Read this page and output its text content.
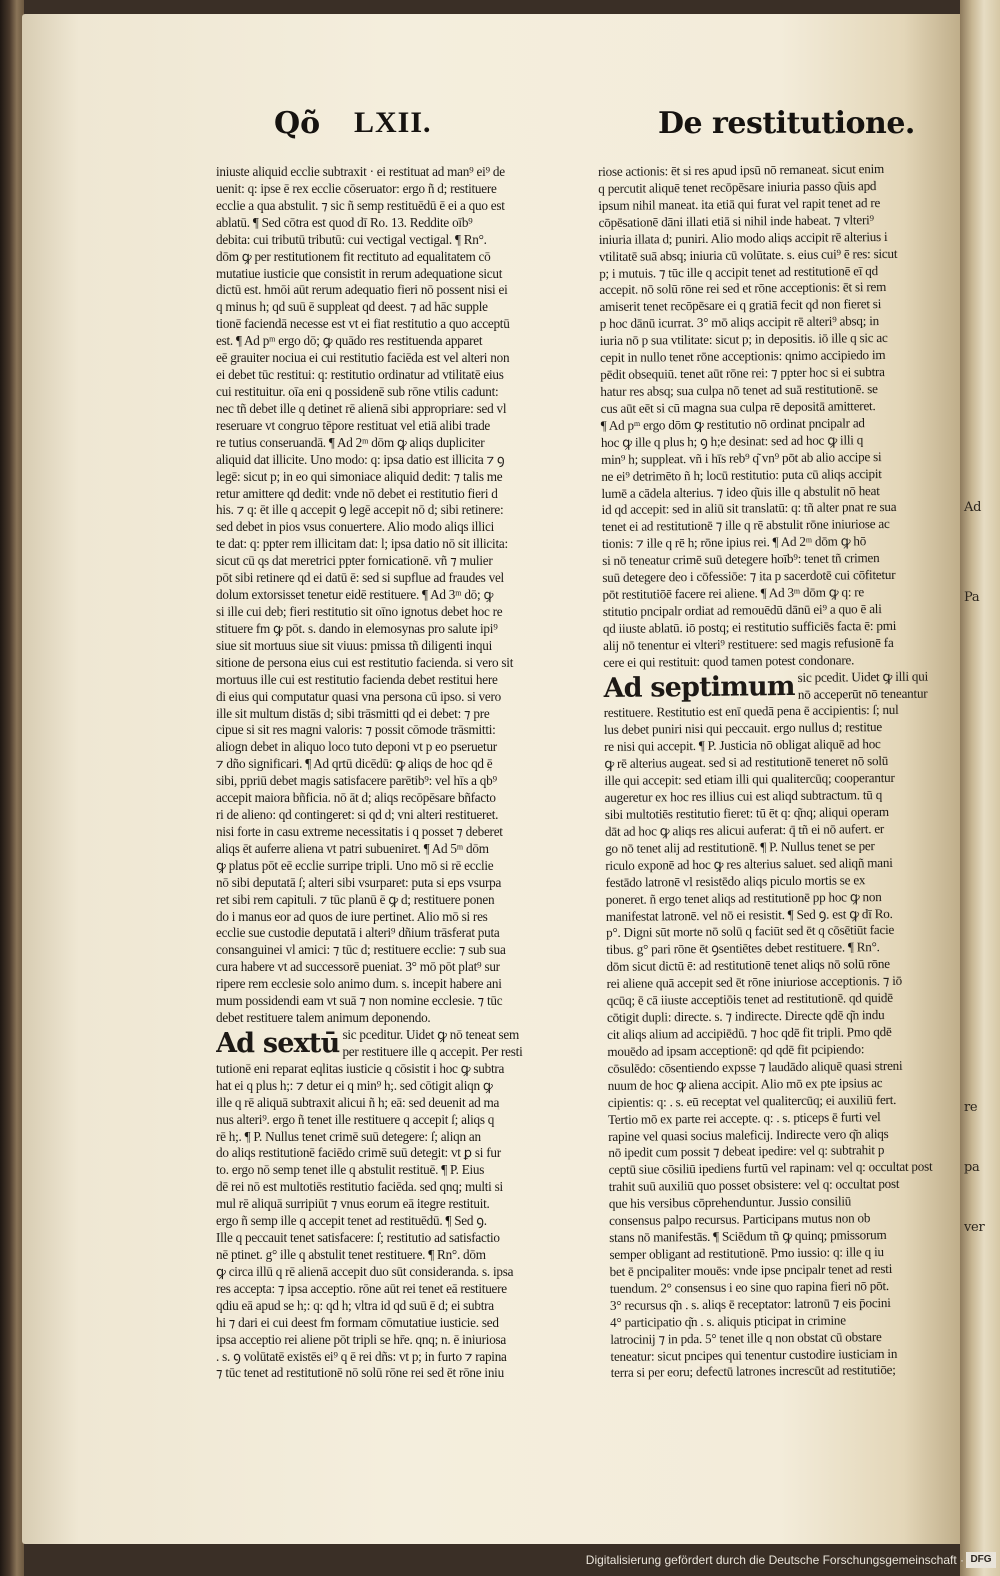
Qõ LXII.	De restitutione.
iniuste aliquid ecclie subtraxit · ei restituat ad man⁹ ei⁹ de
uenit: q: ipse ē rex ecclie cōseruator: ergo ñ d; restituere
ecclie a qua abstulit. ⁊ sic ñ semp restituēdū ē ei a quo est
ablatū. ¶ Sed cōtra est quod dī Ro. 13. Reddite oīb⁹
debita: cui tributū tributū: cui vectigal vectigal. ¶ Rn°.
dōm ꝙ per restitutionem fit rectituto ad equalitatem cō
mutatiue iusticie que consistit in rerum adequatione sicut
dictū est. hmōi aūt rerum adequatio fieri nō possent nisi ei
q minus h; qd suū ē suppleat qd deest. ⁊ ad hāc supple
tionē faciendā necesse est vt ei fiat restitutio a quo acceptū
est. ¶ Ad pᵐ ergo dō; ꝙ quādo res restituenda apparet
eē grauiter nociua ei cui restitutio faciēda est vel alteri non
ei debet tūc restitui: q: restitutio ordinatur ad vtilitatē eius
cui restituitur. oīa eni q possidenē sub rōne vtilis cadunt:
nec tñ debet ille q detinet rē alienā sibi appropriare: sed vl
reseruare vt congruo tēpore restituat vel etiā alibi trade
re tutius conseruandā. ¶ Ad 2ᵐ dōm ꝙ aliqs dupliciter
aliquid dat illicite. Uno modo: q: ipsa datio est illicita ⁊ ꝯ
legē: sicut p; in eo qui simoniace aliquid dedit: ⁊ talis me
retur amittere qd dedit: vnde nō debet ei restitutio fieri d
his. ⁊ q: ēt ille q accepit ꝯ legē accepit nō d; sibi retinere:
sed debet in pios vsus conuertere. Alio modo aliqs illici
te dat: q: ppter rem illicitam dat: l; ipsa datio nō sit illicita:
sicut cū qs dat meretrici ppter fornicationē. vñ ⁊ mulier
pōt sibi retinere qd ei datū ē: sed si supflue ad fraudes vel
dolum extorsisset tenetur eidē restituere. ¶ Ad 3ᵐ dō; ꝙ
si ille cui deb; fieri restitutio sit oīno ignotus debet hoc re
stituere fm ꝙ pōt. s. dando in elemosynas pro salute ipi⁹
siue sit mortuus siue sit viuus: pmissa tñ diligenti inqui
sitione de persona eius cui est restitutio facienda. si vero sit
mortuus ille cui est restitutio facienda debet restitui here
di eius qui computatur quasi vna persona cū ipso. si vero
ille sit multum distās d; sibi trāsmitti qd ei debet: ⁊ pre
cipue si sit res magni valoris: ⁊ possit cōmode trāsmitti:
aliogn debet in aliquo loco tuto deponi vt p eo pseruetur
⁊ dño significari. ¶ Ad qrtū dicēdū: ꝙ aliqs de hoc qd ē
sibi, ppriū debet magis satisfacere parētib⁹: vel hīs a qb⁹
accepit maiora bñficia. nō āt d; aliqs recōpēsare bñfacto
ri de alieno: qd contingeret: si qd d; vni alteri restitueret.
nisi forte in casu extreme necessitatis i q posset ⁊ deberet
aliqs ēt auferre aliena vt patri subueniret. ¶ Ad 5ᵐ dōm
ꝙ platus pōt eē ecclie surripe tripli. Uno mō si rē ecclie
nō sibi deputatā ſ; alteri sibi vsurparet: puta si eps vsurpa
ret sibi rem capituli. ⁊ tūc planū ē ꝙ d; restituere ponen
do i manus eor ad quos de iure pertinet. Alio mō si res
ecclie sue custodie deputatā i alteri⁹ dñium trāsferat puta
consanguinei vl amici: ⁊ tūc d; restituere ecclie: ⁊ sub sua
cura habere vt ad successorē pueniat. 3° mō pōt plat⁹ sur
ripere rem ecclesie solo animo dum. s. incepit habere ani
mum possidendi eam vt suā ⁊ non nomine ecclesie. ⁊ tūc
debet restituere talem animum deponendo.
Ad sextū sic pceditur. Uidet ꝙ nō teneat sem
per restituere ille q accepit. Per resti
tutionē eni reparat eqlitas iusticie q cōsistit i hoc ꝙ subtra
hat ei q plus h;: ⁊ detur ei q min⁹ h;. sed cōtigit aliqn ꝙ
ille q rē aliquā subtraxit alicui ñ h; eā: sed deuenit ad ma
nus alteri⁹. ergo ñ tenet ille restituere q accepit ſ; aliqs q
rē h;. ¶ P. Nullus tenet crimē suū detegere: ſ; aliqn an
do aliqs restitutionē faciēdo crimē suū detegit: vt ꝑ si fur
to. ergo nō semp tenet ille q abstulit restituē. ¶ P. Eius
dē rei nō est multotiēs restitutio faciēda. sed qnq; multi si
mul rē aliquā surripiūt ⁊ vnus eorum eā itegre restituit.
ergo ñ semp ille q accepit tenet ad restituēdū. ¶ Sed ꝯ.
Ille q peccauit tenet satisfacere: ſ; restitutio ad satisfactio
nē ptinet. g° ille q abstulit tenet restituere. ¶ Rn°. dōm
ꝙ circa illū q rē alienā accepit duo sūt consideranda. s. ipsa
res accepta: ⁊ ipsa acceptio. rōne aūt rei tenet eā restituere
qdiu eā apud se h;: q: qd h; vltra id qd suū ē d; ei subtra
hi ⁊ dari ei cui deest fm formam cōmutatiue iusticie. sed
ipsa acceptio rei aliene pōt tripli se hr̄e. qnq; n. ē iniuriosa
. s. ꝯ volūtatē existēs ei⁹ q ē rei dñs: vt p; in furto ⁊ rapina
⁊ tūc tenet ad restitutionē nō solū rōne rei sed ēt rōne iniu
riose actionis: ēt si res apud ipsū nō remaneat. sicut enim
q percutit aliquē tenet recōpēsare iniuria passo q͂uis apd
ipsum nihil maneat. ita etiā qui furat vel rapit tenet ad re
cōpēsationē dāni illati etiā si nihil inde habeat. ⁊ vlteri⁹
iniuria illata d; puniri. Alio modo aliqs accipit rē alterius i
vtilitatē suā absq; iniuria cū volūtate. s. eius cui⁹ ē res: sicut
p; i mutuis. ⁊ tūc ille q accipit tenet ad restitutionē eī qd
accepit. nō solū rōne rei sed et rōne acceptionis: ēt si rem
amiserit tenet recōpēsare ei q gratiā fecit qd non fieret si
p hoc dānū icurrat. 3° mō aliqs accipit rē alteri⁹ absq; in
iuria nō p sua vtilitate: sicut p; in depositis. iō ille q sic ac
cepit in nullo tenet rōne acceptionis: qnimo accipiedo im
pēdit obsequiū. tenet aūt rōne rei: ⁊ ppter hoc si ei subtra
hatur res absq; sua culpa nō tenet ad suā restitutionē. se
cus aūt eēt si cū magna sua culpa rē depositā amitteret.
¶ Ad pᵐ ergo dōm ꝙ restitutio nō ordinat pncipalr ad
hoc ꝙ ille q plus h; ꝯ h;e desinat: sed ad hoc ꝙ illi q
min⁹ h; suppleat. vñ i hīs reb⁹ q͂ vn⁹ pōt ab alio accipe si
ne ei⁹ detrimēto ñ h; locū restitutio: puta cū aliqs accipit
lumē a cādela alterius. ⁊ ideo q͂uis ille q abstulit nō heat
id qd accepit: sed in aliū sit translatū: q: tñ alter pnat re sua
tenet ei ad restitutionē ⁊ ille q rē abstulit rōne iniuriose ac
tionis: ⁊ ille q rē h; rōne ipius rei. ¶ Ad 2ᵐ dōm ꝙ hō
si nō teneatur crimē suū detegere hoīb⁹: tenet tñ crimen
suū detegere deo i cōfessiōe: ⁊ ita p sacerdotē cui cōfitetur
pōt restitutiōē facere rei aliene. ¶ Ad 3ᵐ dōm ꝙ q: re
stitutio pncipalr ordiat ad remouēdū dānū ei⁹ a quo ē ali
qd iiuste ablatū. iō postq; ei restitutio sufficiēs facta ē: pmi
alij nō tenentur ei vlteri⁹ restituere: sed magis refusionē fa
cere ei qui restituit: quod tamen potest condonare.
Ad septimum sic pcedit. Uidet ꝙ illi qui
nō acceperūt nō teneantur
restituere. Restitutio est enī quedā pena ē accipientis: ſ; nul
lus debet puniri nisi qui peccauit. ergo nullus d; restitue
re nisi qui accepit. ¶ P. Justicia nō obligat aliquē ad hoc
ꝙ rē alterius augeat. sed si ad restitutionē teneret nō solū
ille qui accepit: sed etiam illi qui qualitercūq; cooperantur
augeretur ex hoc res illius cui est aliqd subtractum. tū q
sibi multotiēs restitutio fieret: tū ēt q: q͂nq; aliqui operam
dāt ad hoc ꝙ aliqs res alicui auferat: q̄ tñ ei nō aufert. er
go nō tenet alij ad restitutionē. ¶ P. Nullus tenet se per
riculo exponē ad hoc ꝙ res alterius saluet. sed aliqñ mani
festādo latronē vl resistēdo aliqs piculo mortis se ex
poneret. ñ ergo tenet aliqs ad restitutionē pp hoc ꝙ non
manifestat latronē. vel nō ei resistit. ¶ Sed ꝯ. est ꝙ dī Ro.
p°. Digni sūt morte nō solū q faciūt sed ēt q cōsētiūt facie
tibus. g° pari rōne ēt ꝯsentiētes debet restituere. ¶ Rn°.
dōm sicut dictū ē: ad restitutionē tenet aliqs nō solū rōne
rei aliene quā accepit sed ēt rōne iniuriose acceptionis. ⁊ iō
qcūq; ē cā iiuste acceptiōis tenet ad restitutionē. qd quidē
cōtigit dupli: directe. s. ⁊ indirecte. Directe qdē q͂n indu
cit aliqs alium ad accipiēdū. ⁊ hoc qdē fit tripli. Pmo qdē
mouēdo ad ipsam acceptionē: qd qdē fit pcipiendo:
cōsulēdo: cōsentiendo expsse ⁊ laudādo aliquē quasi streni
nuum de hoc ꝙ aliena accipit. Alio mō ex pte ipsius ac
cipientis: q: . s. eū receptat vel qualitercūq; ei auxiliū fert.
Tertio mō ex parte rei accepte. q: . s. pticeps ē furti vel
rapine vel quasi socius maleficij. Indirecte vero q͂n aliqs
nō ipedit cum possit ⁊ debeat ipedire: vel q: subtrahit p
ceptū siue cōsiliū ipediens furtū vel rapinam: vel q: occultat post
trahit suū auxiliū quo posset obsistere: vel q: occultat post
que his versibus cōprehenduntur. Jussio consiliū
consensus palpo recursus. Participans mutus non ob
stans nō manifestās. ¶ Sciēdum tñ ꝙ quinq; pmissorum
semper obligant ad restitutionē. Pmo iussio: q: ille q iu
bet ē pncipaliter mouēs: vnde ipse pncipalr tenet ad resti
tuendum. 2° consensus i eo sine quo rapina fieri nō pōt.
3° recursus q͂n . s. aliqs ē receptator: latronū ⁊ eis p̄ocini
4° participatio q͂n . s. aliquis pticipat in crimine
latrocinij ⁊ in pda. 5° tenet ille q non obstat cū obstare
teneatur: sicut pncipes qui tenentur custodire iusticiam in
terra si per eoru; defectū latrones increscūt ad restitutiōe;
Ad
Pa
re
pa
ver
Digitalisierung gefördert durch die Deutsche Forschungsgemeinschaft · DFG
